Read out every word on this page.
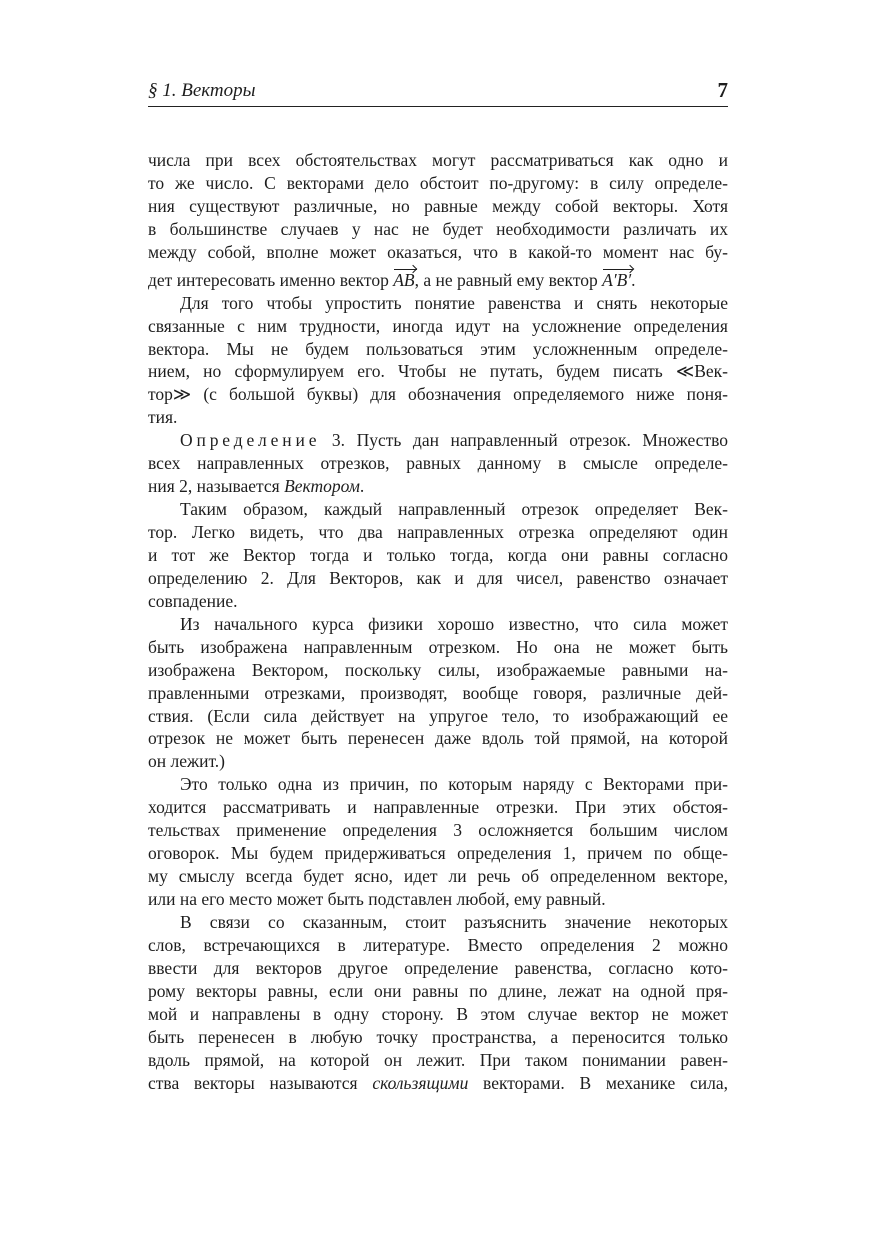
§ 1. Векторы	7
числа при всех обстоятельствах могут рассматриваться как одно и
то же число. С векторами дело обстоит по-другому: в силу определе-
ния существуют различные, но равные между собой векторы. Хотя
в большинстве случаев у нас не будет необходимости различать их
между собой, вполне может оказаться, что в какой-то момент нас бу-
дет интересовать именно вектор
AB, а не равный ему вектор
A′B′.
Для того чтобы упростить понятие равенства и снять некоторые
связанные с ним трудности, иногда идут на усложнение определения
вектора. Мы не будем пользоваться этим усложненным определе-
нием, но сформулируем его. Чтобы не путать, будем писать ≪Век-
тор≫ (с большой буквы) для обозначения определяемого ниже поня-
тия.
Определение 3. Пусть дан направленный отрезок. Множество
всех направленных отрезков, равных данному в смысле определе-
ния 2, называется Вектором.
Таким образом, каждый направленный отрезок определяет Век-
тор. Легко видеть, что два направленных отрезка определяют один
и тот же Вектор тогда и только тогда, когда они равны согласно
определению 2. Для Векторов, как и для чисел, равенство означает
совпадение.
Из начального курса физики хорошо известно, что сила может
быть изображена направленным отрезком. Но она не может быть
изображена Вектором, поскольку силы, изображаемые равными на-
правленными отрезками, производят, вообще говоря, различные дей-
ствия. (Если сила действует на упругое тело, то изображающий ее
отрезок не может быть перенесен даже вдоль той прямой, на которой
он лежит.)
Это только одна из причин, по которым наряду с Векторами при-
ходится рассматривать и направленные отрезки. При этих обстоя-
тельствах применение определения 3 осложняется большим числом
оговорок. Мы будем придерживаться определения 1, причем по обще-
му смыслу всегда будет ясно, идет ли речь об определенном векторе,
или на его место может быть подставлен любой, ему равный.
В связи со сказанным, стоит разъяснить значение некоторых
слов, встречающихся в литературе. Вместо определения 2 можно
ввести для векторов другое определение равенства, согласно кото-
рому векторы равны, если они равны по длине, лежат на одной пря-
мой и направлены в одну сторону. В этом случае вектор не может
быть перенесен в любую точку пространства, а переносится только
вдоль прямой, на которой он лежит. При таком понимании равен-
ства векторы называются скользящими векторами. В механике сила,
